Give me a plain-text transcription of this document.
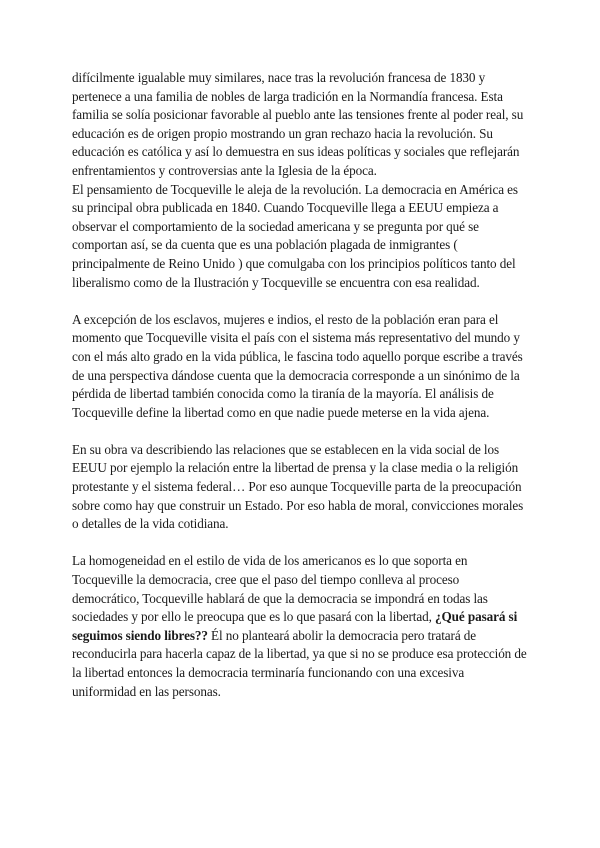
difícilmente igualable muy similares, nace tras la revolución francesa de 1830 y pertenece a una familia de nobles de larga tradición en la Normandía francesa. Esta familia se solía posicionar favorable al pueblo ante las tensiones frente al poder real, su educación es de origen propio mostrando un gran rechazo hacia la revolución. Su educación es católica y así lo demuestra en sus ideas políticas y sociales que reflejarán enfrentamientos y controversias ante la Iglesia de la época.

El pensamiento de Tocqueville le aleja de la revolución. La democracia en América es su principal obra publicada en 1840. Cuando Tocqueville llega a EEUU empieza a observar el comportamiento de la sociedad americana y se pregunta por qué se comportan así, se da cuenta que es una población plagada de inmigrantes ( principalmente de Reino Unido ) que comulgaba con los principios políticos tanto del liberalismo como de la Ilustración y Tocqueville se encuentra con esa realidad.

A excepción de los esclavos, mujeres e indios, el resto de la población eran para el momento que Tocqueville visita el país con el sistema más representativo del mundo y con el más alto grado en la vida pública, le fascina todo aquello porque escribe a través de una perspectiva dándose cuenta que la democracia corresponde a un sinónimo de la pérdida de libertad también conocida como la tiranía de la mayoría. El análisis de Tocqueville define la libertad como en que nadie puede meterse en la vida ajena.

En su obra va describiendo las relaciones que se establecen en la vida social de los EEUU por ejemplo la relación entre la libertad de prensa y la clase media o la religión protestante y el sistema federal… Por eso aunque Tocqueville parta de la preocupación sobre como hay que construir un Estado. Por eso habla de moral, convicciones morales o detalles de la vida cotidiana.

La homogeneidad en el estilo de vida de los americanos es lo que soporta en Tocqueville la democracia, cree que el paso del tiempo conlleva al proceso democrático, Tocqueville hablará de que la democracia se impondrá en todas las sociedades y por ello le preocupa que es lo que pasará con la libertad, ¿Qué pasará si seguimos siendo libres?? Él no planteará abolir la democracia pero tratará de reconducirla para hacerla capaz de la libertad, ya que si no se produce esa protección de la libertad entonces la democracia terminaría funcionando con una excesiva uniformidad en las personas.
